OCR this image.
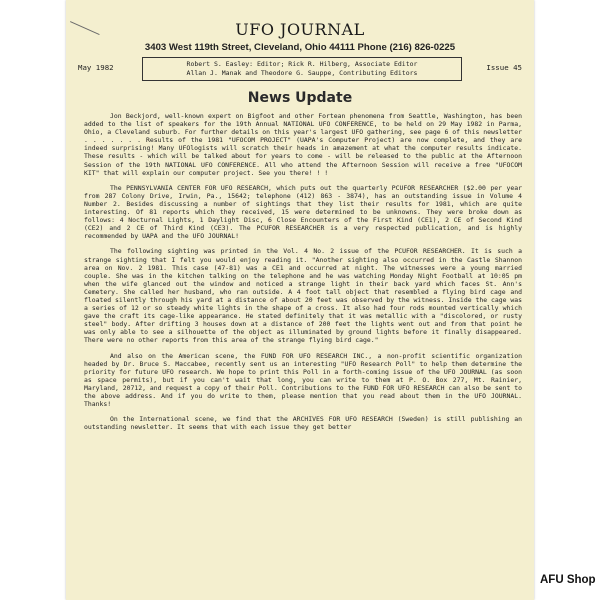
UFO JOURNAL
3403 West 119th Street, Cleveland, Ohio 44111 Phone (216) 826-0225
May 1982	Robert S. Easley: Editor; Rick R. Hilberg, Associate Editor
Allan J. Manak and Theodore G. Sauppe, Contributing Editors
Issue 45
News Update

Jon Beckjord, well-known expert on Bigfoot and other Fortean phenomena from Seattle, Washington, has been added to the list of speakers for the 19th Annual NATIONAL UFO CONFERENCE, to be held on 29 May 1982 in Parma, Ohio, a Cleveland suburb. For further details on this year's largest UFO gathering, see page 6 of this newsletter . . . . . . . Results of the 1981 "UFOCOM PROJECT" (UAPA's Computer Project) are now complete, and they are indeed surprising! Many UFOlogists will scratch their heads in amazement at what the computer results indicate. These results - which will be talked about for years to come - will be released to the public at the Afternoon Session of the 19th NATIONAL UFO CONFERENCE. All who attend the Afternoon Session will receive a free "UFOCOM KIT" that will explain our computer project. See you there! ! !

The PENNSYLVANIA CENTER FOR UFO RESEARCH, which puts out the quarterly PCUFOR RESEARCHER ($2.00 per year from 287 Colony Drive, Irwin, Pa., 15642; telephone (412) 863 - 3874), has an outstanding issue in Volume 4 Number 2. Besides discussing a number of sightings that they list their results for 1981, which are quite interesting. Of 81 reports which they received, 15 were determined to be unknowns. They were broke down as follows: 4 Nocturnal Lights, 1 Daylight Disc, 6 Close Encounters of the First Kind (CE1), 2 CE of Second Kind (CE2) and 2 CE of Third Kind (CE3). The PCUFOR RESEARCHER is a very respected publication, and is highly recommended by UAPA and the UFO JOURNAL!

The following sighting was printed in the Vol. 4 No. 2 issue of the PCUFOR RESEARCHER. It is such a strange sighting that I felt you would enjoy reading it. "Another sighting also occurred in the Castle Shannon area on Nov. 2 1981. This case (47-81) was a CE1 and occurred at night. The witnesses were a young married couple. She was in the kitchen talking on the telephone and he was watching Monday Night Football at 10:05 pm when the wife glanced out the window and noticed a strange light in their back yard which faces St. Ann's Cemetery. She called her husband, who ran outside. A 4 foot tall object that resembled a flying bird cage and floated silently through his yard at a distance of about 20 feet was observed by the witness. Inside the cage was a series of 12 or so steady white lights in the shape of a cross. It also had four rods mounted vertically which gave the craft its cage-like appearance. He stated definitely that it was metallic with a "discolored, or rusty steel" body. After drifting 3 houses down at a distance of 200 feet the lights went out and from that point he was only able to see a silhouette of the object as illuminated by ground lights before it finally disappeared. There were no other reports from this area of the strange flying bird cage."

And also on the American scene, the FUND FOR UFO RESEARCH INC., a non-profit scientific organization headed by Dr. Bruce S. Maccabee, recently sent us an interesting "UFO Research Poll" to help them determine the priority for future UFO research. We hope to print this Poll in a forth-coming issue of the UFO JOURNAL (as soon as space permits), but if you can't wait that long, you can write to them at P. O. Box 277, Mt. Rainier, Maryland, 20712, and request a copy of their Poll. Contributions to the FUND FOR UFO RESEARCH can also be sent to the above address. And if you do write to them, please mention that you read about them in the UFO JOURNAL. Thanks!

On the International scene, we find that the ARCHIVES FOR UFO RESEARCH (Sweden) is still publishing an outstanding newsletter. It seems that with each issue they get better

AFU Shop
